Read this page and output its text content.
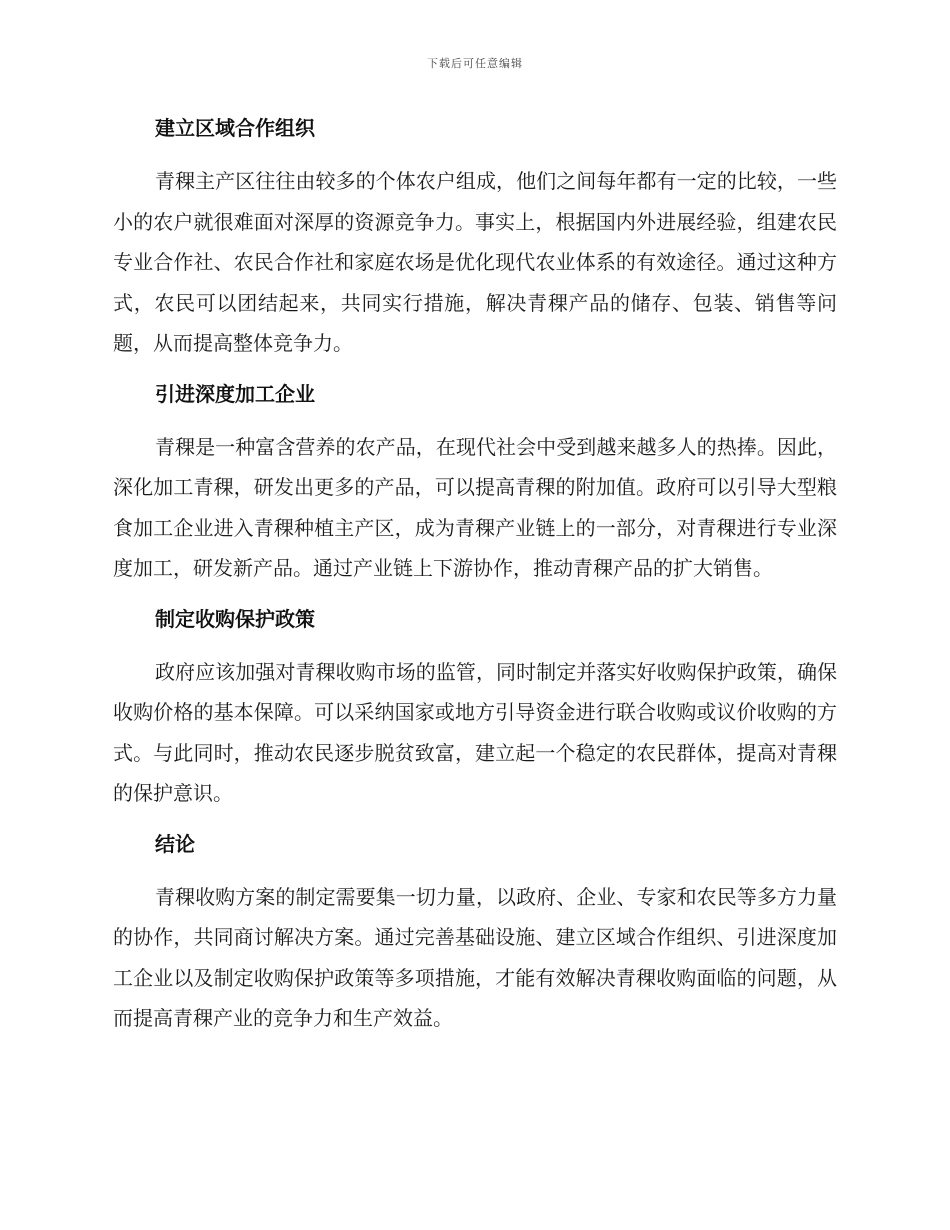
下载后可任意编辑
建立区域合作组织

青稞主产区往往由较多的个体农户组成，他们之间每年都有一定的比较，一些小的农户就很难面对深厚的资源竞争力。事实上，根据国内外进展经验，组建农民专业合作社、农民合作社和家庭农场是优化现代农业体系的有效途径。通过这种方式，农民可以团结起来，共同实行措施，解决青稞产品的储存、包装、销售等问题，从而提高整体竞争力。

引进深度加工企业

青稞是一种富含营养的农产品，在现代社会中受到越来越多人的热捧。因此，深化加工青稞，研发出更多的产品，可以提高青稞的附加值。政府可以引导大型粮食加工企业进入青稞种植主产区，成为青稞产业链上的一部分，对青稞进行专业深度加工，研发新产品。通过产业链上下游协作，推动青稞产品的扩大销售。

制定收购保护政策

政府应该加强对青稞收购市场的监管，同时制定并落实好收购保护政策，确保收购价格的基本保障。可以采纳国家或地方引导资金进行联合收购或议价收购的方式。与此同时，推动农民逐步脱贫致富，建立起一个稳定的农民群体，提高对青稞的保护意识。

结论

青稞收购方案的制定需要集一切力量，以政府、企业、专家和农民等多方力量的协作，共同商讨解决方案。通过完善基础设施、建立区域合作组织、引进深度加工企业以及制定收购保护政策等多项措施，才能有效解决青稞收购面临的问题，从而提高青稞产业的竞争力和生产效益。
